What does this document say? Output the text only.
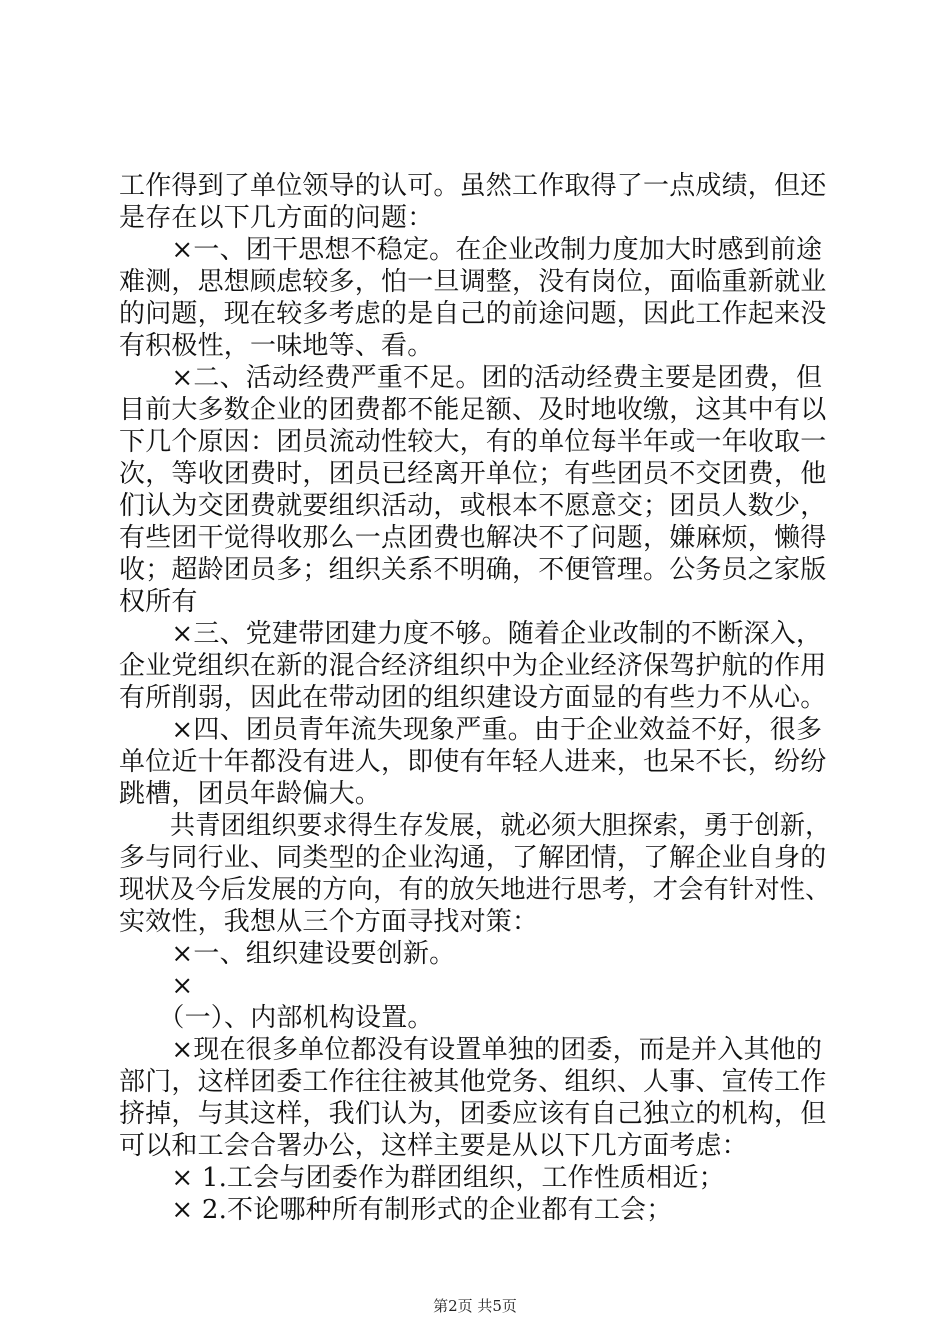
工作得到了单位领导的认可。虽然工作取得了一点成绩，但还
是存在以下几方面的问题：
　　×一、团干思想不稳定。在企业改制力度加大时感到前途
难测，思想顾虑较多，怕一旦调整，没有岗位，面临重新就业
的问题，现在较多考虑的是自己的前途问题，因此工作起来没
有积极性，一味地等、看。
　　×二、活动经费严重不足。团的活动经费主要是团费，但
目前大多数企业的团费都不能足额、及时地收缴，这其中有以
下几个原因：团员流动性较大，有的单位每半年或一年收取一
次，等收团费时，团员已经离开单位；有些团员不交团费，他
们认为交团费就要组织活动，或根本不愿意交；团员人数少，
有些团干觉得收那么一点团费也解决不了问题，嫌麻烦，懒得
收；超龄团员多；组织关系不明确，不便管理。公务员之家版
权所有
　　×三、党建带团建力度不够。随着企业改制的不断深入，
企业党组织在新的混合经济组织中为企业经济保驾护航的作用
有所削弱，因此在带动团的组织建设方面显的有些力不从心。
　　×四、团员青年流失现象严重。由于企业效益不好，很多
单位近十年都没有进人，即使有年轻人进来，也呆不长，纷纷
跳槽，团员年龄偏大。
　　共青团组织要求得生存发展，就必须大胆探索，勇于创新，
多与同行业、同类型的企业沟通，了解团情，了解企业自身的
现状及今后发展的方向，有的放矢地进行思考，才会有针对性、
实效性，我想从三个方面寻找对策：
　　×一、组织建设要创新。
　　×
　　（一）、内部机构设置。
　　×现在很多单位都没有设置单独的团委，而是并入其他的
部门，这样团委工作往往被其他党务、组织、人事、宣传工作
挤掉，与其这样，我们认为，团委应该有自己独立的机构，但
可以和工会合署办公，这样主要是从以下几方面考虑：
　　× 1.工会与团委作为群团组织，工作性质相近；
　　× 2.不论哪种所有制形式的企业都有工会；
第2页 共5页
